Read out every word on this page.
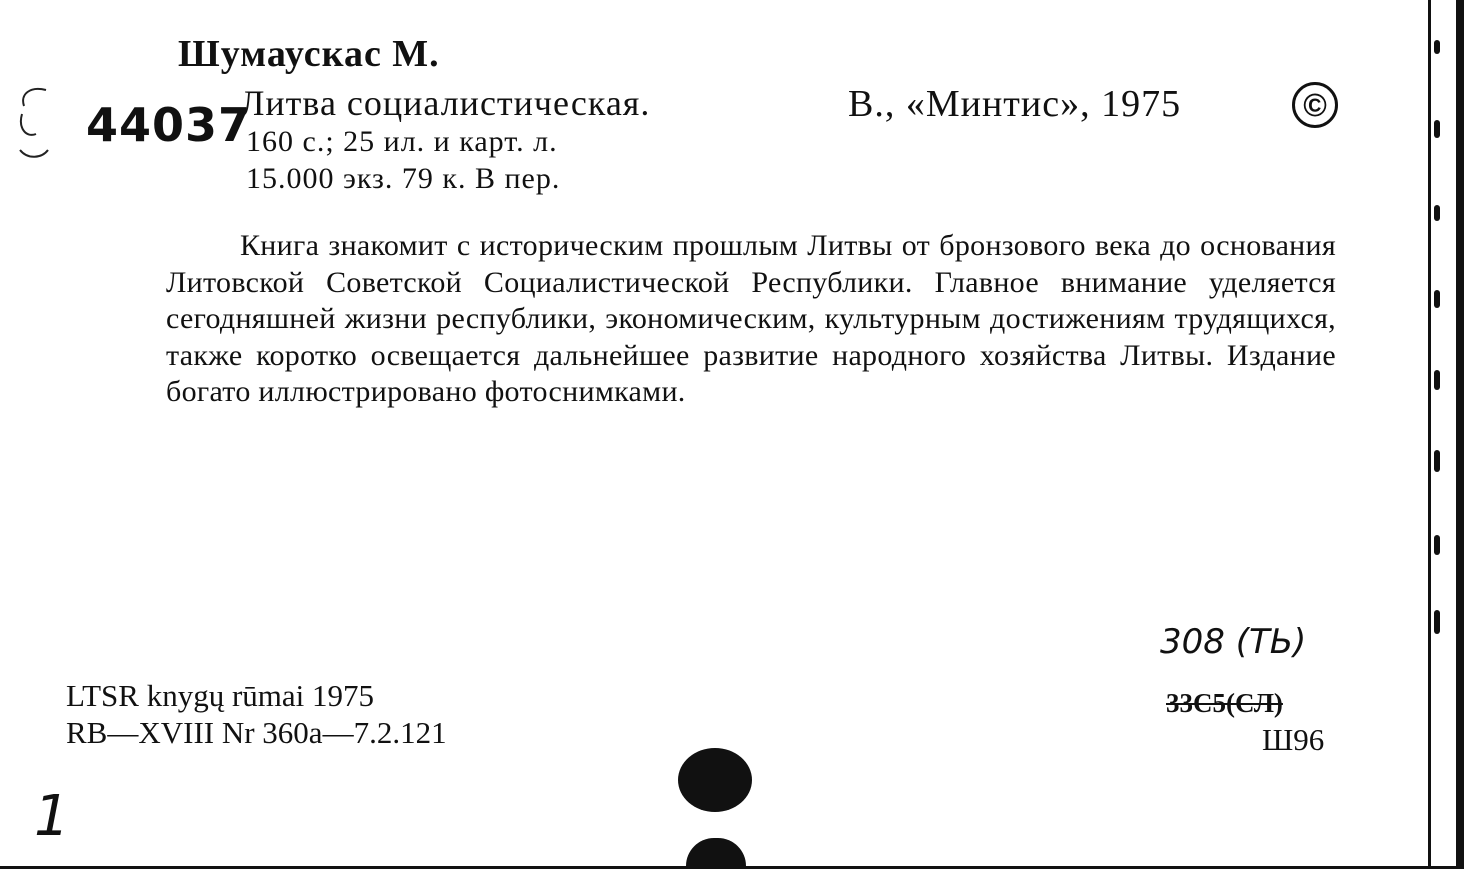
Шумаускас М.

44037

Литва социалистическая.	В., «Минтис», 1975	©

160 с.; 25 ил. и карт. л.

15.000 экз. 79 к. В пер.

Книга знакомит с историческим прошлым Литвы от бронзового века до основания Литовской Советской Социалистической Республики. Главное внимание уделяется сегодняшней жизни республики, экономическим, культурным достижениям трудящихся, также коротко освещается дальнейшее развитие народного хозяйства Литвы. Издание богато иллюстрировано фотоснимками.

LTSR knygų rūmai 1975

RB—XVIII Nr 360a—7.2.121

308 (ТЬ)

33С5(СЛ)

Ш96

1
